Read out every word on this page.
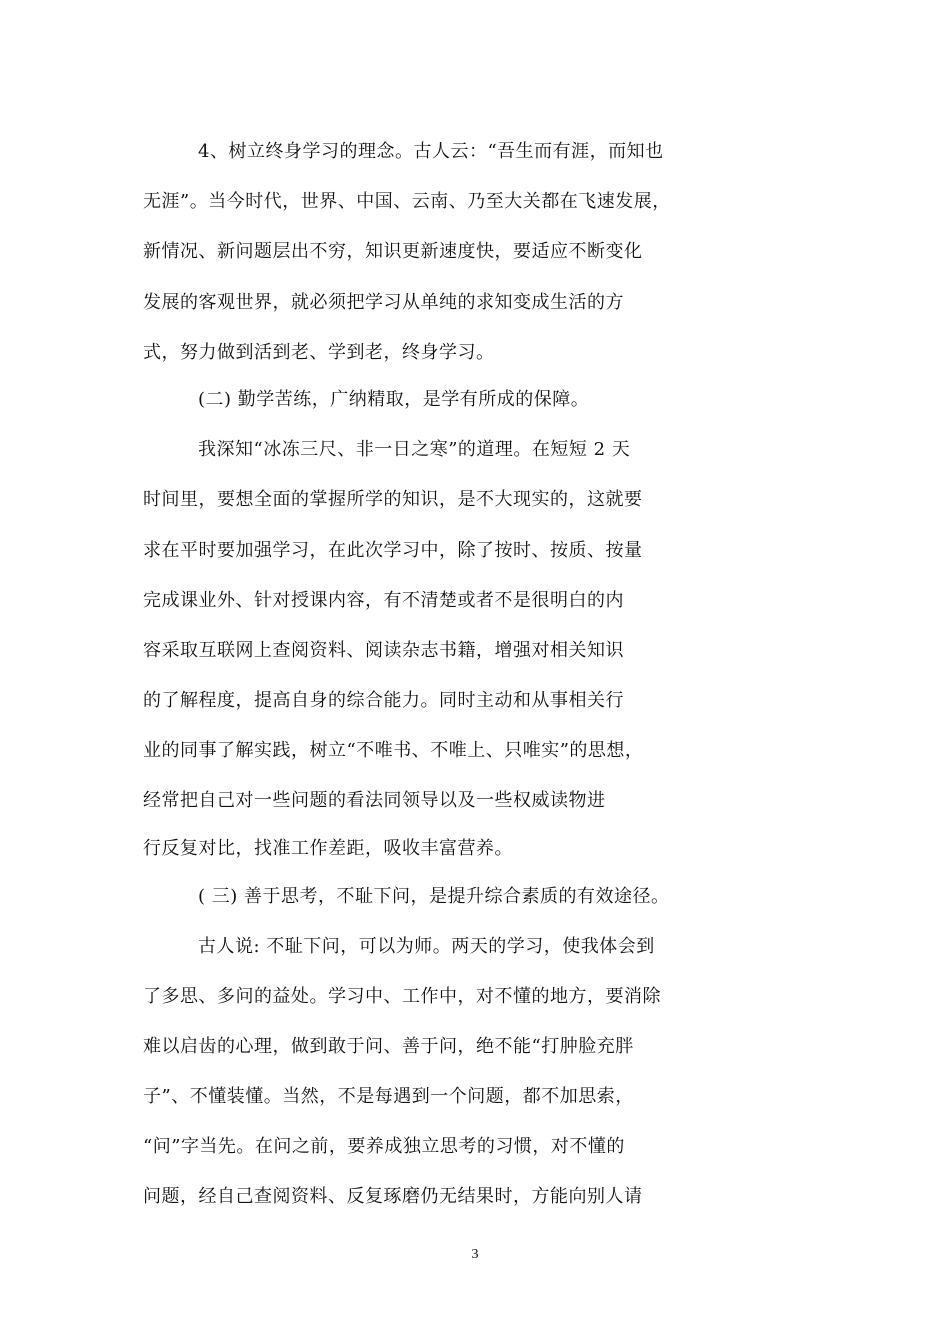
4、树立终身学习的理念。古人云：“吾生而有涯，而知也
无涯”。当今时代，世界、中国、云南、乃至大关都在飞速发展，
新情况、新问题层出不穷，知识更新速度快，要适应不断变化
发展的客观世界，就必须把学习从单纯的求知变成生活的方
式，努力做到活到老、学到老，终身学习。
(二) 勤学苦练，广纳精取，是学有所成的保障。
我深知“冰冻三尺、非一日之寒”的道理。在短短 2 天
时间里，要想全面的掌握所学的知识，是不大现实的，这就要
求在平时要加强学习，在此次学习中，除了按时、按质、按量
完成课业外、针对授课内容，有不清楚或者不是很明白的内
容采取互联网上查阅资料、阅读杂志书籍，增强对相关知识
的了解程度，提高自身的综合能力。同时主动和从事相关行
业的同事了解实践，树立“不唯书、不唯上、只唯实”的思想，
经常把自己对一些问题的看法同领导以及一些权威读物进
行反复对比，找准工作差距，吸收丰富营养。
( 三) 善于思考，不耻下问，是提升综合素质的有效途径。
古人说: 不耻下问，可以为师。两天的学习，使我体会到
了多思、多问的益处。学习中、工作中，对不懂的地方，要消除
难以启齿的心理，做到敢于问、善于问，绝不能“打肿脸充胖
子”、不懂装懂。当然，不是每遇到一个问题，都不加思索，
“问”字当先。在问之前，要养成独立思考的习惯，对不懂的
问题，经自己查阅资料、反复琢磨仍无结果时，方能向别人请
3
